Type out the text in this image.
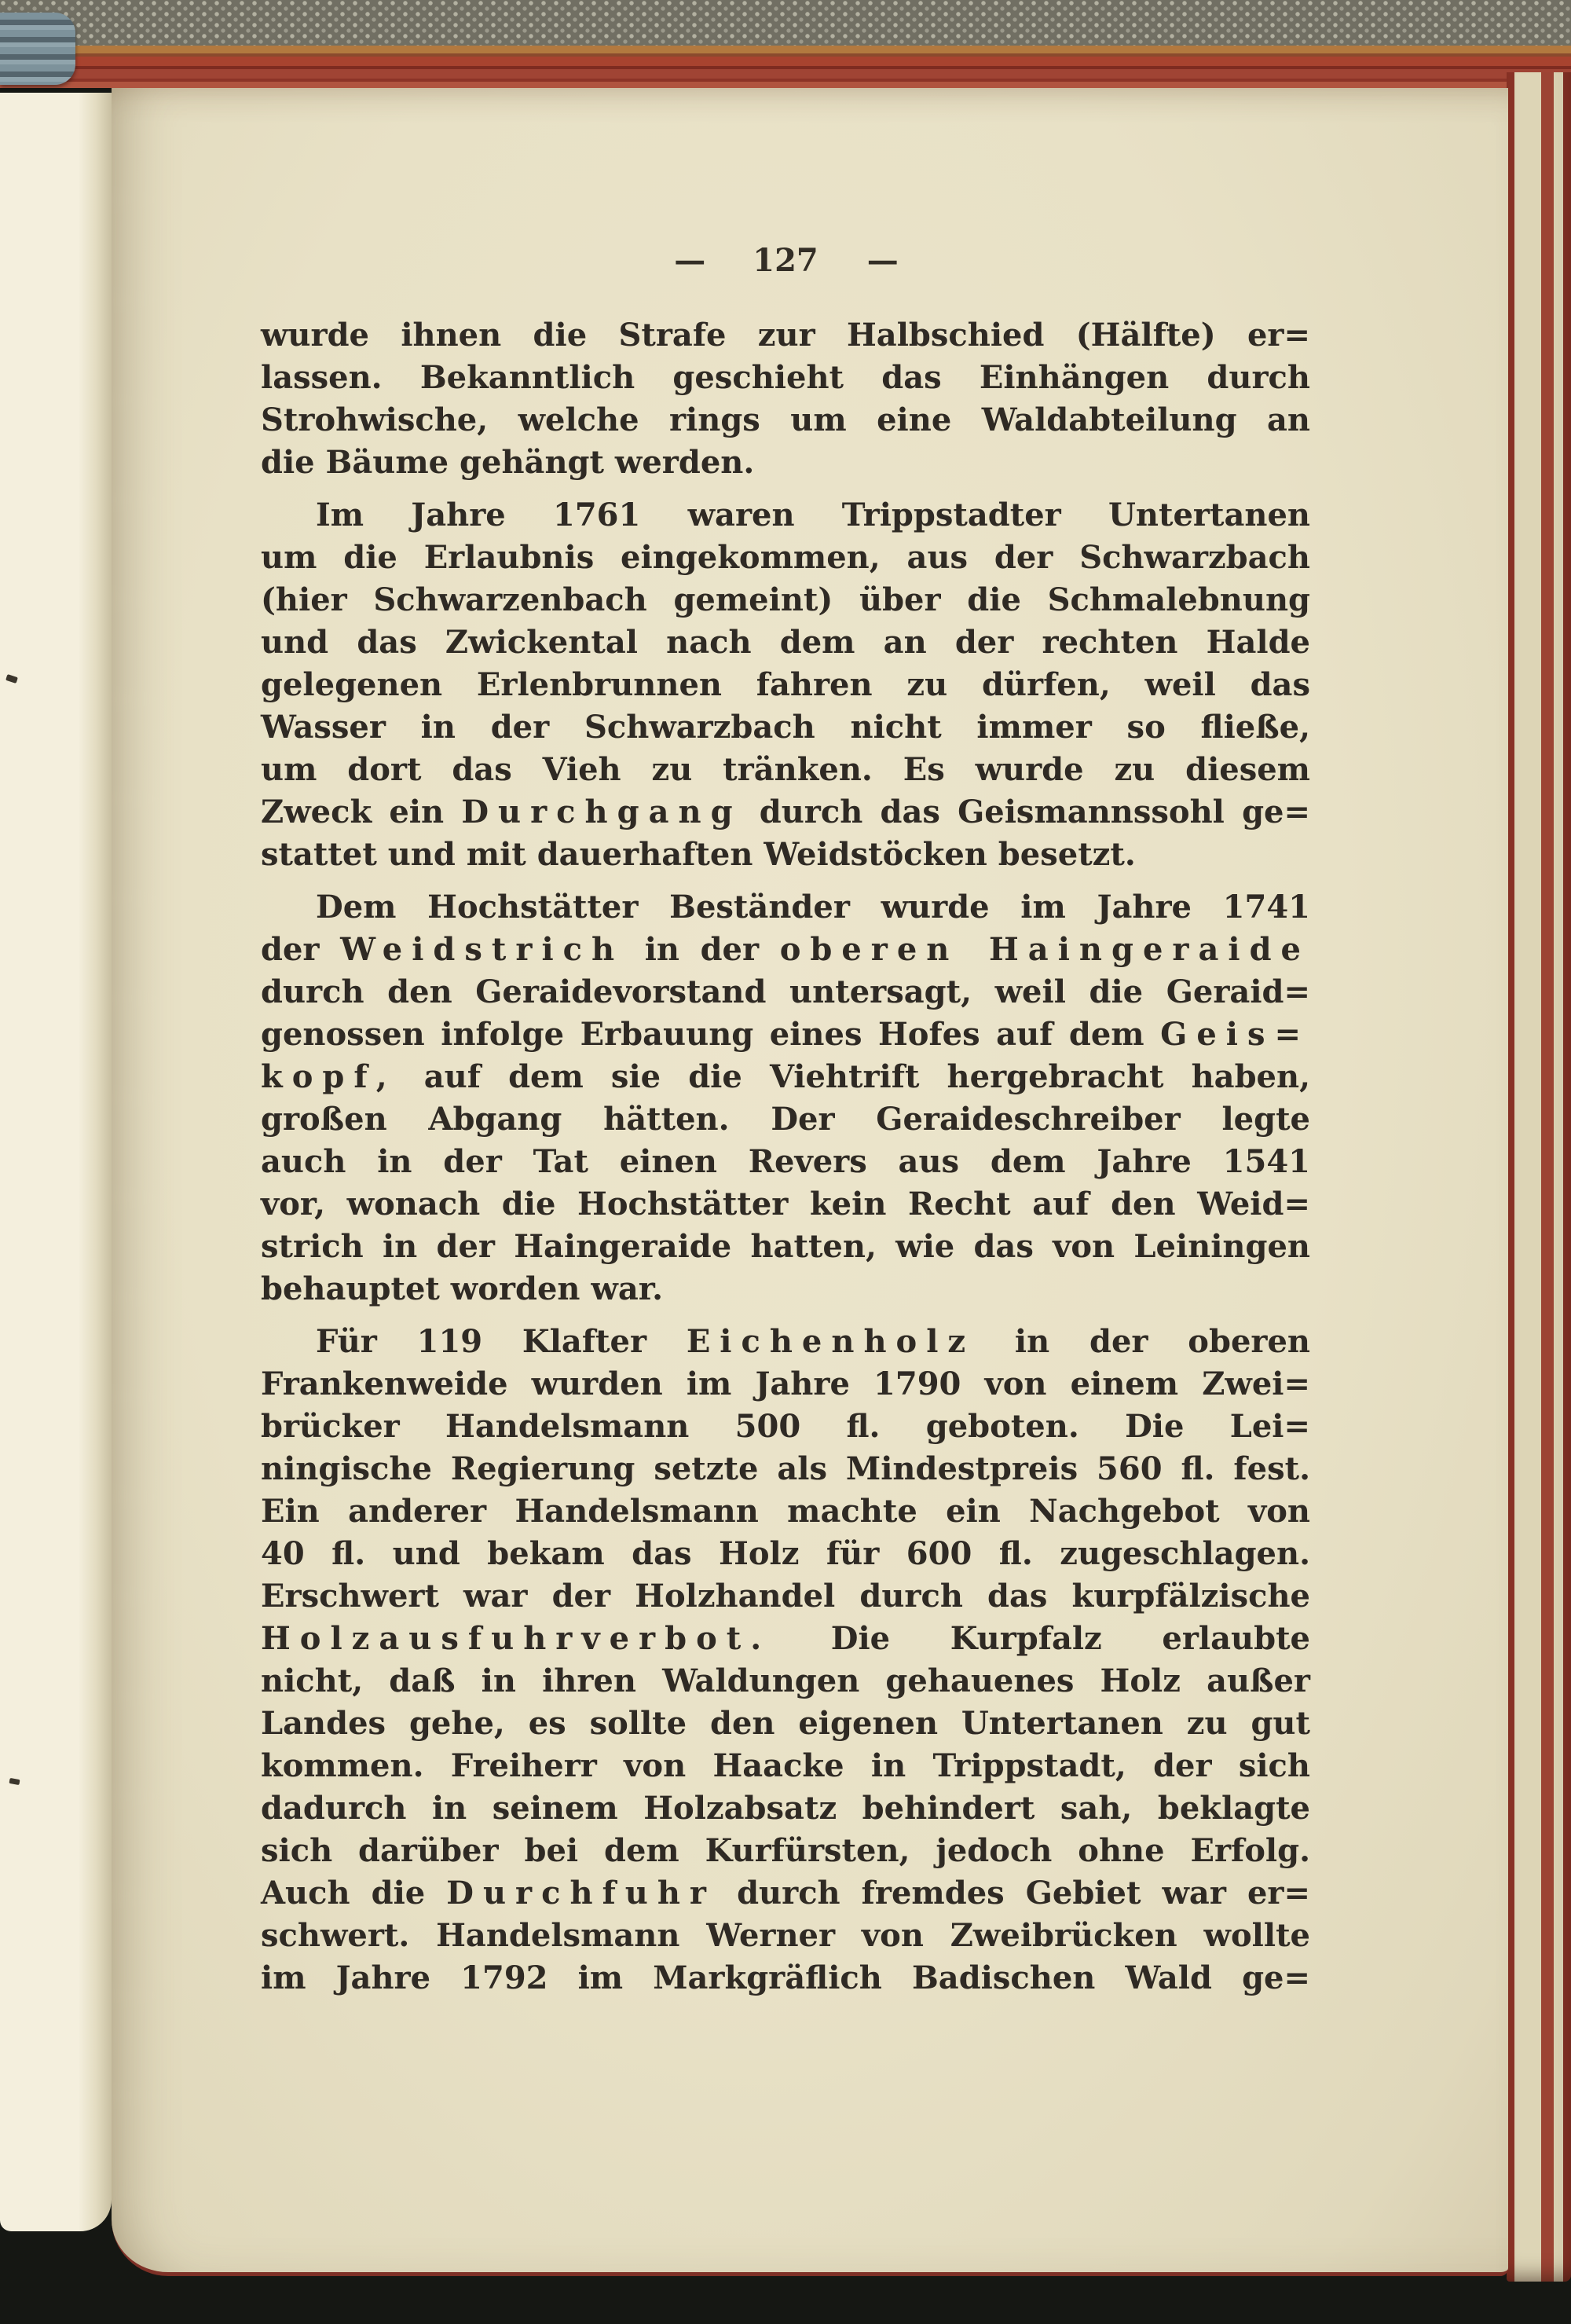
— 127 —
wurde ihnen die Strafe zur Halbschied (Hälfte) er=
lassen. Bekanntlich geschieht das Einhängen durch
Strohwische, welche rings um eine Waldabteilung an
die Bäume gehängt werden.
Im Jahre 1761 waren Trippstadter Untertanen
um die Erlaubnis eingekommen, aus der Schwarzbach
(hier Schwarzenbach gemeint) über die Schmalebnung
und das Zwickental nach dem an der rechten Halde
gelegenen Erlenbrunnen fahren zu dürfen, weil das
Wasser in der Schwarzbach nicht immer so fließe,
um dort das Vieh zu tränken. Es wurde zu diesem
Zweck ein Durchgang durch das Geismannssohl ge=
stattet und mit dauerhaften Weidstöcken besetzt.
Dem Hochstätter Beständer wurde im Jahre 1741
der Weidstrich in der oberen Haingeraide
durch den Geraidevorstand untersagt, weil die Geraid=
genossen infolge Erbauung eines Hofes auf dem Geis=
kopf, auf dem sie die Viehtrift hergebracht haben,
großen Abgang hätten. Der Geraideschreiber legte
auch in der Tat einen Revers aus dem Jahre 1541
vor, wonach die Hochstätter kein Recht auf den Weid=
strich in der Haingeraide hatten, wie das von Leiningen
behauptet worden war.
Für 119 Klafter Eichenholz in der oberen
Frankenweide wurden im Jahre 1790 von einem Zwei=
brücker Handelsmann 500 fl. geboten. Die Lei=
ningische Regierung setzte als Mindestpreis 560 fl. fest.
Ein anderer Handelsmann machte ein Nachgebot von
40 fl. und bekam das Holz für 600 fl. zugeschlagen.
Erschwert war der Holzhandel durch das kurpfälzische
Holzausfuhrverbot. Die Kurpfalz erlaubte
nicht, daß in ihren Waldungen gehauenes Holz außer
Landes gehe, es sollte den eigenen Untertanen zu gut
kommen. Freiherr von Haacke in Trippstadt, der sich
dadurch in seinem Holzabsatz behindert sah, beklagte
sich darüber bei dem Kurfürsten, jedoch ohne Erfolg.
Auch die Durchfuhr durch fremdes Gebiet war er=
schwert. Handelsmann Werner von Zweibrücken wollte
im Jahre 1792 im Markgräflich Badischen Wald ge=
